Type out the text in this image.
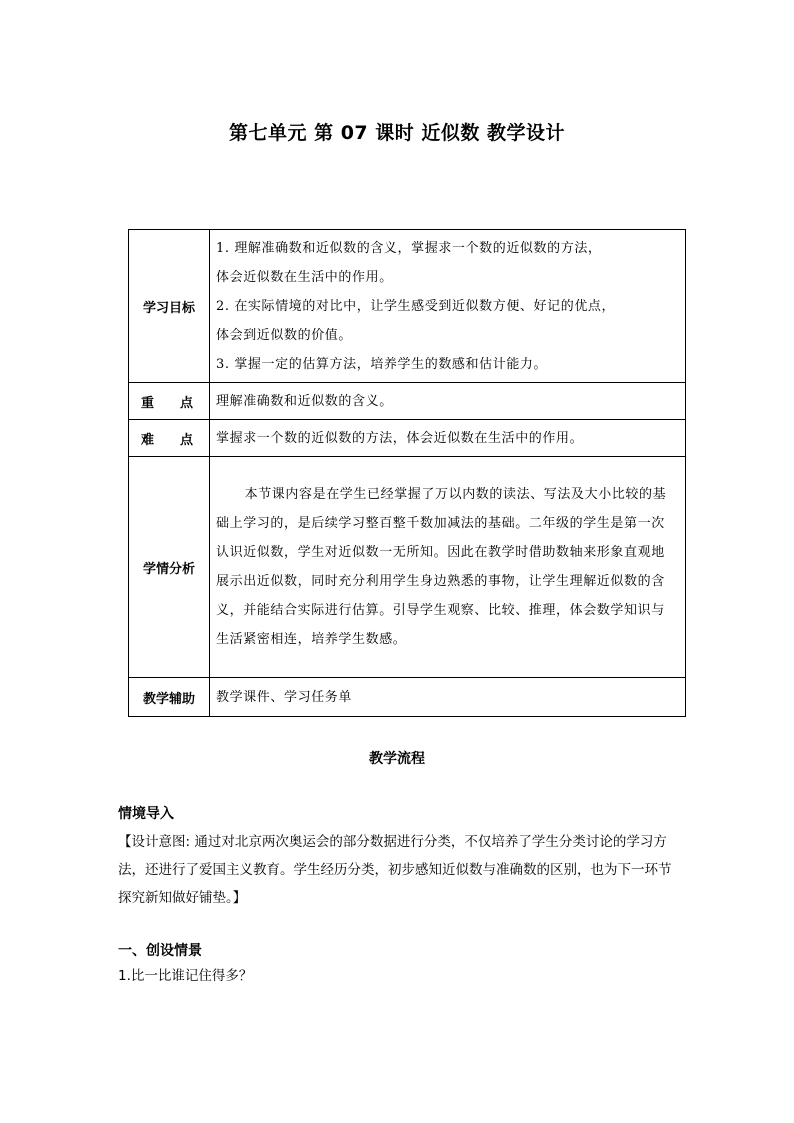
第七单元 第 07 课时 近似数 教学设计
学习目标	1. 理解准确数和近似数的含义，掌握求一个数的近似数的方法，
体会近似数在生活中的作用。
2. 在实际情境的对比中，让学生感受到近似数方便、好记的优点，
体会到近似数的价值。
3. 掌握一定的估算方法，培养学生的数感和估计能力。

重 点	理解准确数和近似数的含义。
难 点	掌握求一个数的近似数的方法，体会近似数在生活中的作用。
学情分析	本节课内容是在学生已经掌握了万以内数的读法、写法及大小比较的基础上学习的，是后续学习整百整千数加减法的基础。二年级的学生是第一次认识近似数，学生对近似数一无所知。因此在教学时借助数轴来形象直观地展示出近似数，同时充分利用学生身边熟悉的事物，让学生理解近似数的含义，并能结合实际进行估算。引导学生观察、比较、推理，体会数学知识与生活紧密相连，培养学生数感。
教学辅助	教学课件、学习任务单
教学流程
情境导入
【设计意图: 通过对北京两次奥运会的部分数据进行分类，不仅培养了学生分类讨论的学习方法，还进行了爱国主义教育。学生经历分类，初步感知近似数与准确数的区别，也为下一环节探究新知做好铺垫。】
一、创设情景
1.比一比谁记住得多？
